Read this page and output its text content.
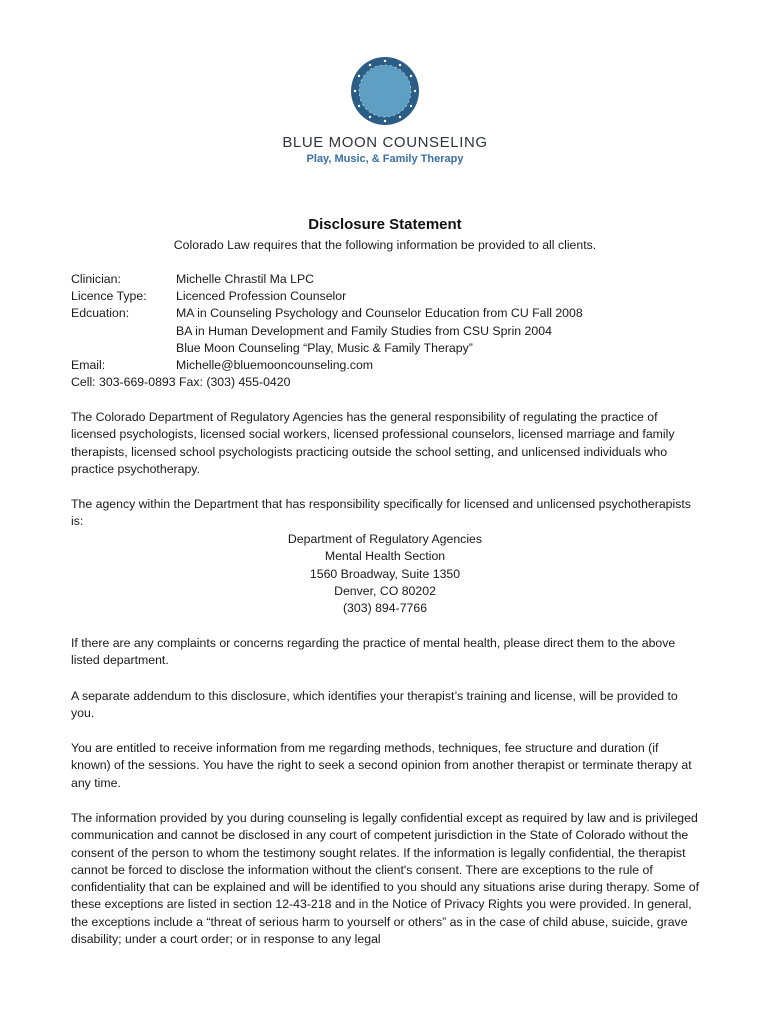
BLUE MOON COUNSELING
Play, Music, & Family Therapy
Disclosure Statement
Colorado Law requires that the following information be provided to all clients.
Clinician:	Michelle Chrastil Ma LPC
Licence Type: Licenced Profession Counselor
Edcuation:	MA in Counseling Psychology and Counselor Education from CU Fall 2008
BA in Human Development and Family Studies from CSU Sprin 2004
Blue Moon Counseling “Play, Music & Family Therapy”
Email:	Michelle@bluemooncounseling.com
Cell: 303-669-0893 Fax: (303) 455-0420
The Colorado Department of Regulatory Agencies has the general responsibility of regulating the practice of licensed psychologists, licensed social workers, licensed professional counselors, licensed marriage and family therapists, licensed school psychologists practicing outside the school setting, and unlicensed individuals who practice psychotherapy.
The agency within the Department that has responsibility specifically for licensed and unlicensed psychotherapists is:
Department of Regulatory Agencies
Mental Health Section
1560 Broadway, Suite 1350
Denver, CO 80202
(303) 894-7766
If there are any complaints or concerns regarding the practice of mental health, please direct them to the above listed department.
A separate addendum to this disclosure, which identifies your therapist’s training and license, will be provided to you.
You are entitled to receive information from me regarding methods, techniques, fee structure and duration (if known) of the sessions. You have the right to seek a second opinion from another therapist or terminate therapy at any time.
The information provided by you during counseling is legally confidential except as required by law and is privileged communication and cannot be disclosed in any court of competent jurisdiction in the State of Colorado without the consent of the person to whom the testimony sought relates. If the information is legally confidential, the therapist cannot be forced to disclose the information without the client's consent. There are exceptions to the rule of confidentiality that can be explained and will be identified to you should any situations arise during therapy. Some of these exceptions are listed in section 12-43-218 and in the Notice of Privacy Rights you were provided. In general, the exceptions include a “threat of serious harm to yourself or others” as in the case of child abuse, suicide, grave disability; under a court order; or in response to any legal
